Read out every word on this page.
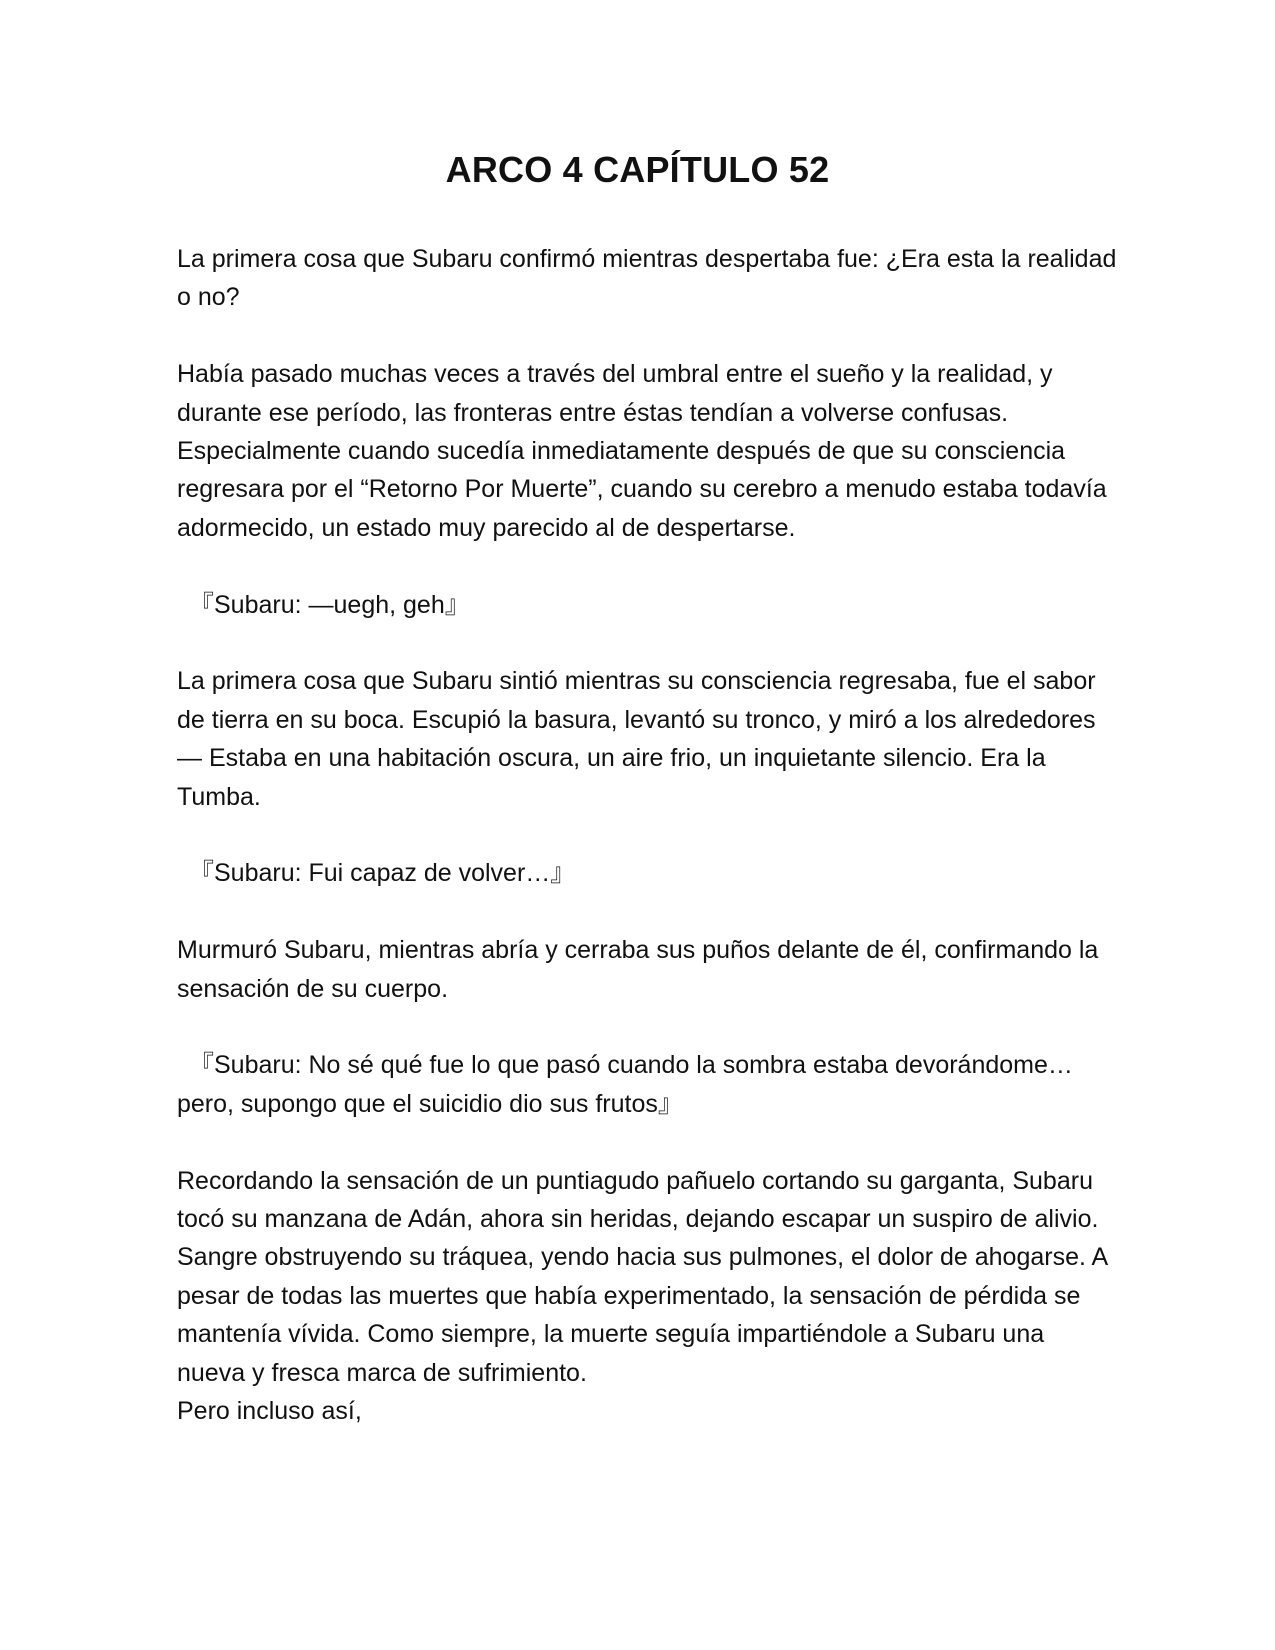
ARCO 4 CAPÍTULO 52

La primera cosa que Subaru confirmó mientras despertaba fue: ¿Era esta la realidad o no?

Había pasado muchas veces a través del umbral entre el sueño y la realidad, y durante ese período, las fronteras entre éstas tendían a volverse confusas. Especialmente cuando sucedía inmediatamente después de que su consciencia regresara por el “Retorno Por Muerte”, cuando su cerebro a menudo estaba todavía adormecido, un estado muy parecido al de despertarse.

『Subaru: —uegh, geh』

La primera cosa que Subaru sintió mientras su consciencia regresaba, fue el sabor de tierra en su boca. Escupió la basura, levantó su tronco, y miró a los alrededores — Estaba en una habitación oscura, un aire frio, un inquietante silencio. Era la Tumba.

『Subaru: Fui capaz de volver…』

Murmuró Subaru, mientras abría y cerraba sus puños delante de él, confirmando la sensación de su cuerpo.

『Subaru: No sé qué fue lo que pasó cuando la sombra estaba devorándome… pero, supongo que el suicidio dio sus frutos』

Recordando la sensación de un puntiagudo pañuelo cortando su garganta, Subaru tocó su manzana de Adán, ahora sin heridas, dejando escapar un suspiro de alivio. Sangre obstruyendo su tráquea, yendo hacia sus pulmones, el dolor de ahogarse. A pesar de todas las muertes que había experimentado, la sensación de pérdida se mantenía vívida. Como siempre, la muerte seguía impartiéndole a Subaru una nueva y fresca marca de sufrimiento.

Pero incluso así,
